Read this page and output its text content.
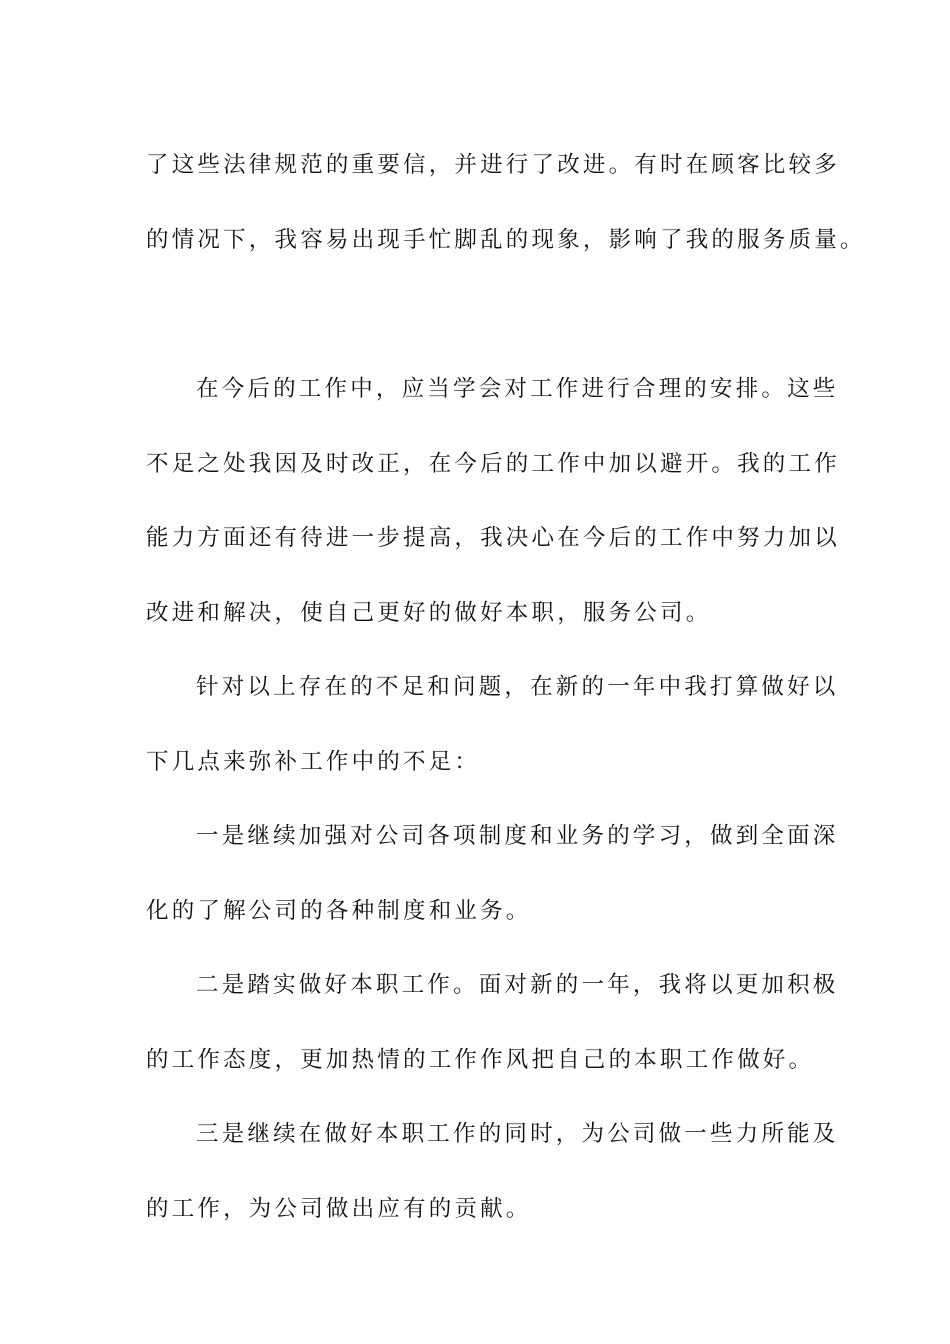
了这些法律规范的重要信，并进行了改进。有时在顾客比较多
的情况下，我容易出现手忙脚乱的现象，影响了我的服务质量。
在今后的工作中，应当学会对工作进行合理的安排。这些
不足之处我因及时改正，在今后的工作中加以避开。我的工作
能力方面还有待进一步提高，我决心在今后的工作中努力加以
改进和解决，使自己更好的做好本职，服务公司。
针对以上存在的不足和问题，在新的一年中我打算做好以
下几点来弥补工作中的不足：
一是继续加强对公司各项制度和业务的学习，做到全面深
化的了解公司的各种制度和业务。
二是踏实做好本职工作。面对新的一年，我将以更加积极
的工作态度，更加热情的工作作风把自己的本职工作做好。
三是继续在做好本职工作的同时，为公司做一些力所能及
的工作，为公司做出应有的贡献。
